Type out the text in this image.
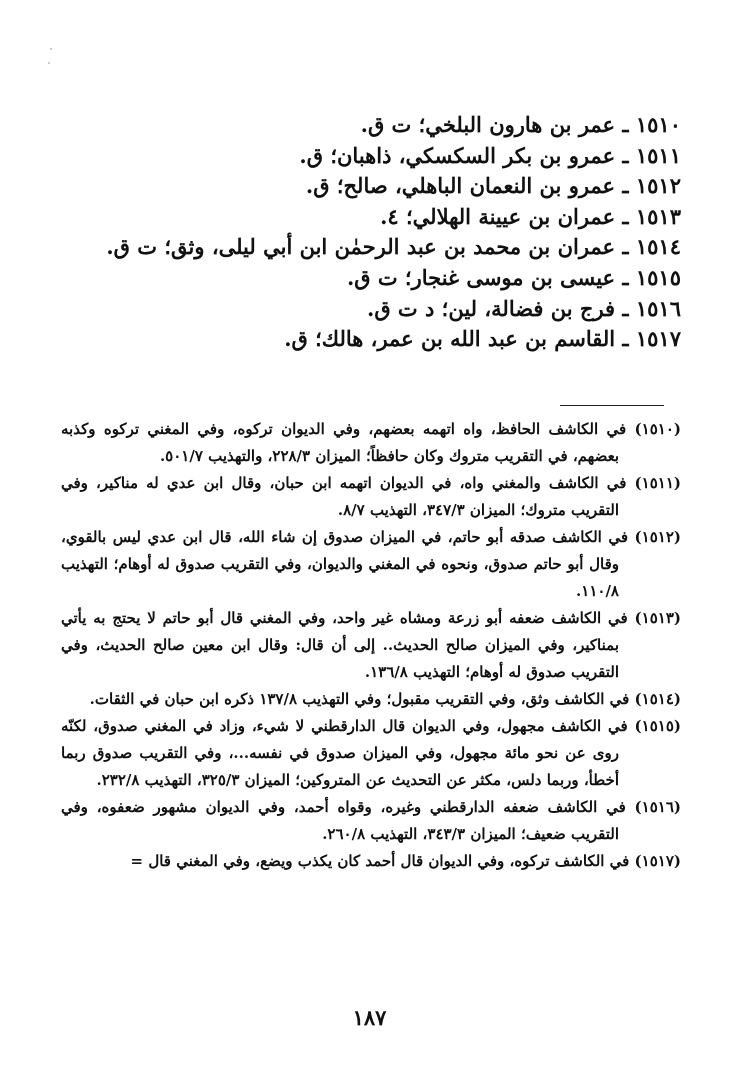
١٥١٠ ـ عمر بن هارون البلخي؛ ت ق.
١٥١١ ـ عمرو بن بكر السكسكي، ذاهبان؛ ق.
١٥١٢ ـ عمرو بن النعمان الباهلي، صالح؛ ق.
١٥١٣ ـ عمران بن عيينة الهلالي؛ ٤.
١٥١٤ ـ عمران بن محمد بن عبد الرحمٰن ابن أبي ليلى، وثق؛ ت ق.
١٥١٥ ـ عيسى بن موسى غنجار؛ ت ق.
١٥١٦ ـ فرج بن فضالة، لين؛ د ت ق.
١٥١٧ ـ القاسم بن عبد الله بن عمر، هالك؛ ق.
(١٥١٠) في الكاشف الحافظ، واه اتهمه بعضهم، وفي الديوان تركوه، وفي المغني تركوه وكذبه بعضهم، في التقريب متروك وكان حافظاً؛ الميزان ٢٢٨/٣، والتهذيب ٥٠١/٧.
(١٥١١) في الكاشف والمغني واه، في الديوان اتهمه ابن حبان، وقال ابن عدي له مناكير، وفي التقريب متروك؛ الميزان ٣٤٧/٣، التهذيب ٨/٧.
(١٥١٢) في الكاشف صدقه أبو حاتم، في الميزان صدوق إن شاء الله، قال ابن عدي ليس بالقوي، وقال أبو حاتم صدوق، ونحوه في المغني والديوان، وفي التقريب صدوق له أوهام؛ التهذيب ١١٠/٨.
(١٥١٣) في الكاشف ضعفه أبو زرعة ومشاه غير واحد، وفي المغني قال أبو حاتم لا يحتج به يأتي بمناكير، وفي الميزان صالح الحديث.. إلى أن قال: وقال ابن معين صالح الحديث، وفي التقريب صدوق له أوهام؛ التهذيب ١٣٦/٨.
(١٥١٤) في الكاشف وثق، وفي التقريب مقبول؛ وفي التهذيب ١٣٧/٨ ذكره ابن حبان في الثقات.
(١٥١٥) في الكاشف مجهول، وفي الديوان قال الدارقطني لا شيء، وزاد في المغني صدوق، لكنّه روى عن نحو مائة مجهول، وفي الميزان صدوق في نفسه...، وفي التقريب صدوق ربما أخطأ، وربما دلس، مكثر عن التحديث عن المتروكين؛ الميزان ٣٢٥/٣، التهذيب ٢٣٢/٨.
(١٥١٦) في الكاشف ضعفه الدارقطني وغيره، وقواه أحمد، وفي الديوان مشهور ضعفوه، وفي التقريب ضعيف؛ الميزان ٣٤٣/٣، التهذيب ٢٦٠/٨.
(١٥١٧) في الكاشف تركوه، وفي الديوان قال أحمد كان يكذب ويضع، وفي المغني قال =
١٨٧
